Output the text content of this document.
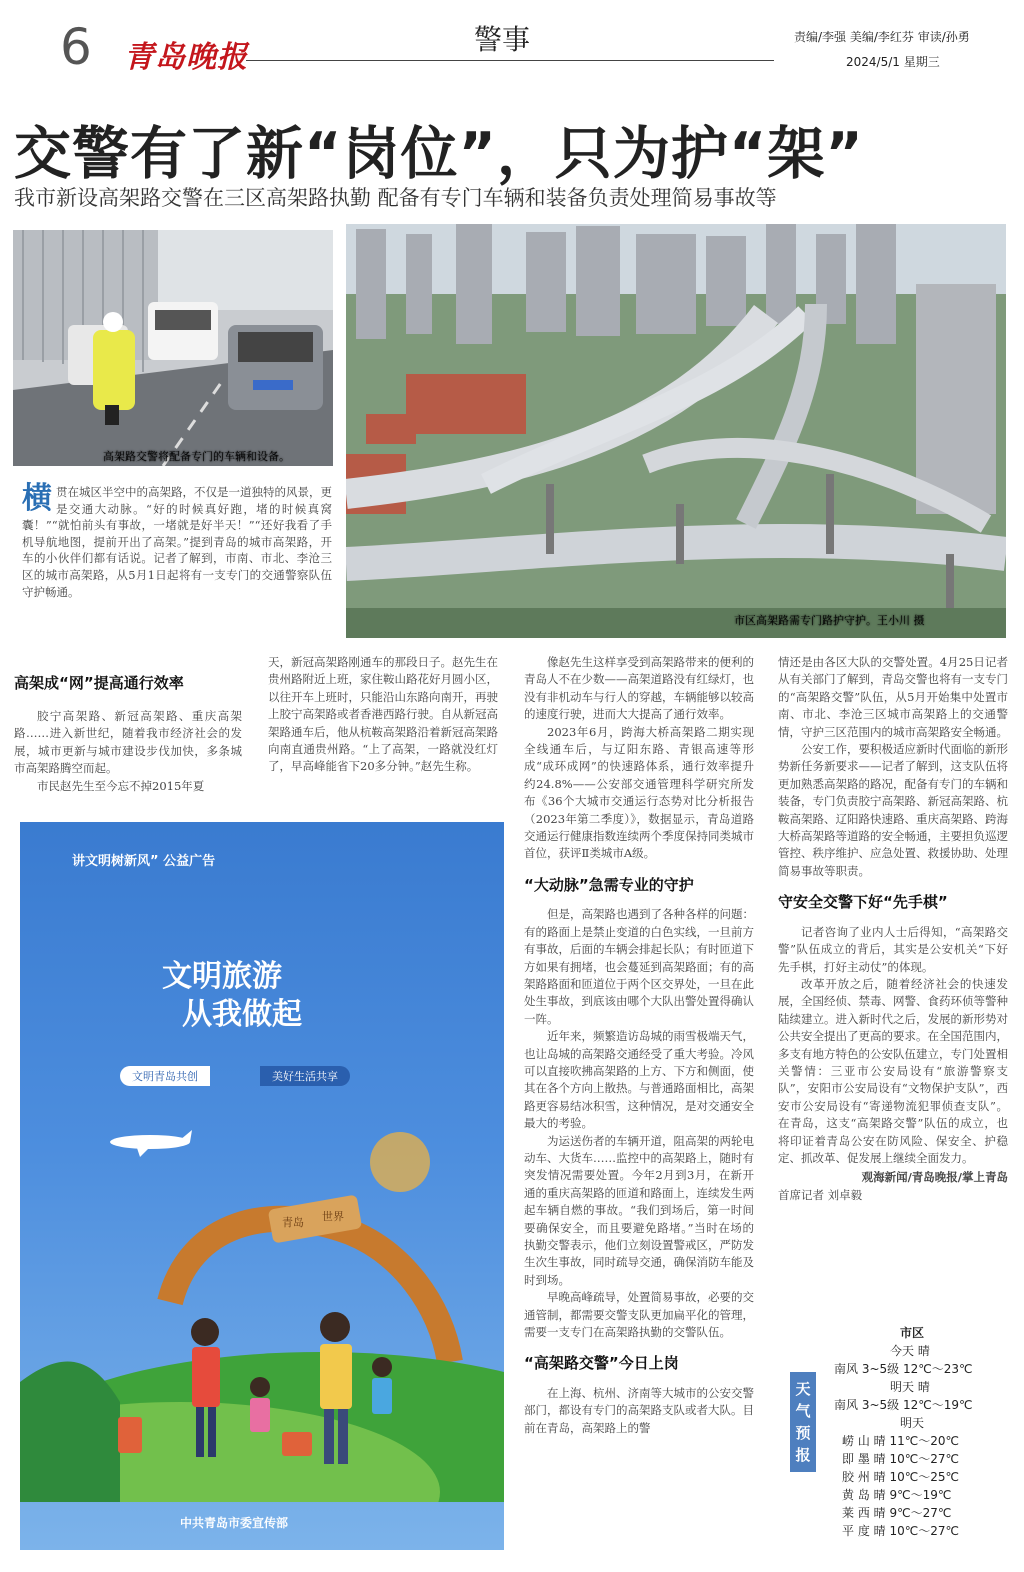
6 青岛晚报
警事	责编/李强 美编/李红芬 审读/孙勇
2024/5/1 星期三
交警有了新“岗位”，只为护“架”
我市新设高架路交警在三区高架路执勤 配备有专门车辆和装备负责处理简易事故等
高架路交警将配备专门的车辆和设备。
市区高架路需专门路护守护。王小川 摄
横贯在城区半空中的高架路，不仅是一道独特的风景，更是交通大动脉。“好的时候真好跑，堵的时候真窝囊！”“就怕前头有事故，一堵就是好半天！”“还好我看了手机导航地图，提前开出了高架。”提到青岛的城市高架路，开车的小伙伴们都有话说。记者了解到，市南、市北、李沧三区的城市高架路，从5月1日起将有一支专门的交通警察队伍守护畅通。
高架成“网”提高通行效率

胶宁高架路、新冠高架路、重庆高架路……进入新世纪，随着我市经济社会的发展，城市更新与城市建设步伐加快，多条城市高架路腾空而起。

市民赵先生至今忘不掉2015年夏

天，新冠高架路刚通车的那段日子。赵先生在贵州路附近上班，家住鞍山路花好月圆小区，以往开车上班时，只能沿山东路向南开，再驶上胶宁高架路或者香港西路行驶。自从新冠高架路通车后，他从杭鞍高架路沿着新冠高架路向南直通贵州路。“上了高架，一路就没红灯了，早高峰能省下20多分钟。”赵先生称。

像赵先生这样享受到高架路带来的便利的青岛人不在少数——高架道路没有红绿灯，也没有非机动车与行人的穿越，车辆能够以较高的速度行驶，进而大大提高了通行效率。

2023年6月，跨海大桥高架路二期实现全线通车后，与辽阳东路、青银高速等形成“成环成网”的快速路体系，通行效率提升约24.8%——公安部交通管理科学研究所发布《36个大城市交通运行态势对比分析报告（2023年第二季度）》，数据显示，青岛道路交通运行健康指数连续两个季度保持同类城市首位，获评Ⅱ类城市A级。

“大动脉”急需专业的守护

但是，高架路也遇到了各种各样的问题：有的路面上是禁止变道的白色实线，一旦前方有事故，后面的车辆会排起长队；有时匝道下方如果有拥堵，也会蔓延到高架路面；有的高架路路面和匝道位于两个区交界处，一旦在此处生事故，到底该由哪个大队出警处置得确认一阵。

近年来，频繁造访岛城的雨雪极端天气，也让岛城的高架路交通经受了重大考验。冷风可以直接吹拂高架路的上方、下方和侧面，使其在各个方向上散热。与普通路面相比，高架路更容易结冰积雪，这种情况，是对交通安全最大的考验。

为运送伤者的车辆开道，阻高架的两轮电动车、大货车……监控中的高架路上，随时有突发情况需要处置。今年2月到3月，在新开通的重庆高架路的匝道和路面上，连续发生两起车辆自燃的事故。“我们到场后，第一时间要确保安全，而且要避免路堵。”当时在场的执勤交警表示，他们立刻设置警戒区，严防发生次生事故，同时疏导交通，确保消防车能及时到场。

早晚高峰疏导，处置简易事故，必要的交通管制，都需要交警支队更加扁平化的管理，需要一支专门在高架路执勤的交警队伍。

“高架路交警”今日上岗

在上海、杭州、济南等大城市的公安交警部门，都设有专门的高架路支队或者大队。目前在青岛，高架路上的警

情还是由各区大队的交警处置。4月25日记者从有关部门了解到，青岛交警也将有一支专门的“高架路交警”队伍，从5月开始集中处置市南、市北、李沧三区城市高架路上的交通警情，守护三区范围内的城市高架路安全畅通。

公安工作，要积极适应新时代面临的新形势新任务新要求——记者了解到，这支队伍将更加熟悉高架路的路况，配备有专门的车辆和装备，专门负责胶宁高架路、新冠高架路、杭鞍高架路、辽阳路快速路、重庆高架路、跨海大桥高架路等道路的安全畅通，主要担负巡逻管控、秩序维护、应急处置、救援协助、处理简易事故等职责。

守安全交警下好“先手棋”

记者咨询了业内人士后得知，“高架路交警”队伍成立的背后，其实是公安机关“下好先手棋，打好主动仗”的体现。

改革开放之后，随着经济社会的快速发展，全国经侦、禁毒、网警、食药环侦等警种陆续建立。进入新时代之后，发展的新形势对公共安全提出了更高的要求。在全国范围内，多支有地方特色的公安队伍建立，专门处置相关警情：三亚市公安局设有“旅游警察支队”，安阳市公安局设有“文物保护支队”，西安市公安局设有“寄递物流犯罪侦查支队”。在青岛，这支“高架路交警”队伍的成立，也将印证着青岛公安在防风险、保安全、护稳定、抓改革、促发展上继续全面发力。

观海新闻/青岛晚报/掌上青岛
首席记者 刘卓毅
讲文明树新风” 公益广告
文明旅游
从我做起
文明青岛共创	美好生活共享
青岛 世界
中共青岛市委宣传部
天气预报
市区
今天 晴
南风 3~5级 12℃～23℃
明天 晴
南风 3~5级 12℃～19℃
明天
崂 山 晴 11℃～20℃
即 墨 晴 10℃～27℃
胶 州 晴 10℃～25℃
黄 岛 晴 9℃～19℃
莱 西 晴 9℃～27℃
平 度 晴 10℃～27℃
